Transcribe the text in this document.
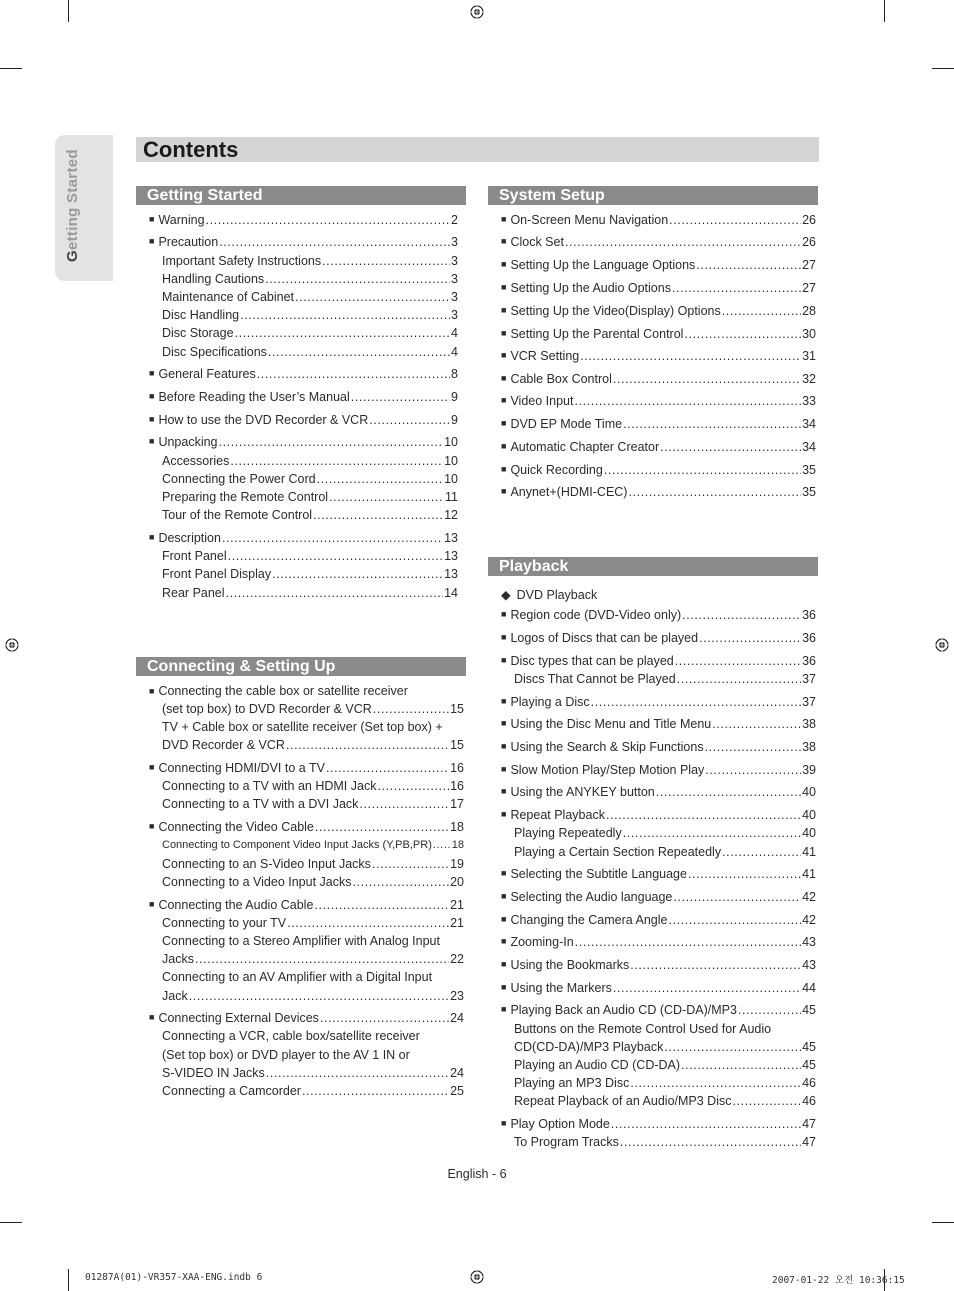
Getting Started	Contents
Getting Started
Connecting & Setting Up
System Setup
Playback
◆ DVD Playback
■ Warning .....	2
■ Precaution .....	3
Important Safety Instructions .....	3
Handling Cautions .....	3
Maintenance of Cabinet .....	3
Disc Handling .....	3
Disc Storage .....	4
Disc Specifications .....	4
■ General Features .....	8
■ Before Reading the User’s Manual .....	9
■ How to use the DVD Recorder & VCR .....	9
■ Unpacking .....	10
Accessories .....	10
Connecting the Power Cord .....	10
Preparing the Remote Control .....	11
Tour of the Remote Control .....	12
■ Description .....	13
Front Panel .....	13
Front Panel Display .....	13
Rear Panel .....	14
■ Connecting the cable box or satellite receiver
(set top box) to DVD Recorder & VCR .....	15
TV + Cable box or satellite receiver (Set top box) +
DVD Recorder & VCR .....	15
■ Connecting HDMI/DVI to a TV .....	16
Connecting to a TV with an HDMI Jack .....	16
Connecting to a TV with a DVI Jack .....	17
■ Connecting the Video Cable .....	18
Connecting to Component Video Input Jacks (Y,PB,PR) ..... 18
Connecting to an S-Video Input Jacks .....	19
Connecting to a Video Input Jacks .....	20
■ Connecting the Audio Cable .....	21
Connecting to your TV .....	21
Connecting to a Stereo Amplifier with Analog Input
Jacks .....	22
Connecting to an AV Amplifier with a Digital Input
Jack .....	23
■ Connecting External Devices .....	24
Connecting a VCR, cable box/satellite receiver
(Set top box) or DVD player to the AV 1 IN or
S-VIDEO IN Jacks .....	24
Connecting a Camcorder .....	25
■ On-Screen Menu Navigation .....	26
■ Clock Set .....	26
■ Setting Up the Language Options .....	27
■ Setting Up the Audio Options .....	27
■ Setting Up the Video(Display) Options .....	28
■ Setting Up the Parental Control .....	30
■ VCR Setting .....	31
■ Cable Box Control .....	32
■ Video Input .....	33
■ DVD EP Mode Time .....	34
■ Automatic Chapter Creator .....	34
■ Quick Recording .....	35
■ Anynet+(HDMI-CEC) .....	35
■ Region code (DVD-Video only) .....	36
■ Logos of Discs that can be played .....	36
■ Disc types that can be played .....	36
Discs That Cannot be Played .....	37
■ Playing a Disc .....	37
■ Using the Disc Menu and Title Menu .....	38
■ Using the Search & Skip Functions .....	38
■ Slow Motion Play/Step Motion Play .....	39
■ Using the ANYKEY button .....	40
■ Repeat Playback .....	40
Playing Repeatedly .....	40
Playing a Certain Section Repeatedly .....	41
■ Selecting the Subtitle Language .....	41
■ Selecting the Audio language .....	42
■ Changing the Camera Angle .....	42
■ Zooming-In .....	43
■ Using the Bookmarks .....	43
■ Using the Markers .....	44
■ Playing Back an Audio CD (CD-DA)/MP3 .....	45
Buttons on the Remote Control Used for Audio
CD(CD-DA)/MP3 Playback .....	45
Playing an Audio CD (CD-DA) .....	45
Playing an MP3 Disc .....	46
Repeat Playback of an Audio/MP3 Disc .....	46
■ Play Option Mode .....	47
To Program Tracks .....	47
English - 6
01287A(01)-VR357-XAA-ENG.indb 6	2007-01-22 오전 10:36:15
